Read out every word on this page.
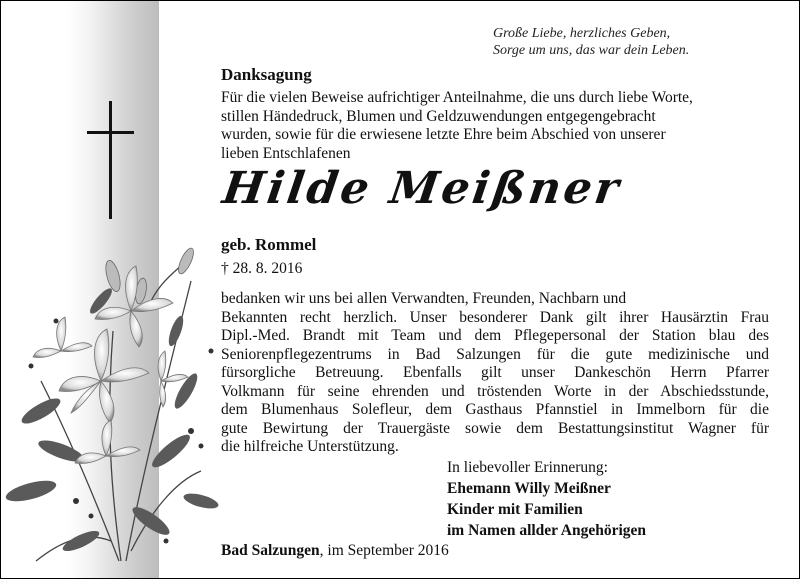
Große Liebe, herzliches Geben,
Sorge um uns, das war dein Leben.
Danksagung
Für die vielen Beweise aufrichtiger Anteilnahme, die uns durch liebe Worte,
stillen Händedruck, Blumen und Geldzuwendungen entgegengebracht
wurden, sowie für die erwiesene letzte Ehre beim Abschied von unserer
lieben Entschlafenen
Hilde Meißner
geb. Rommel
† 28. 8. 2016
bedanken wir uns bei allen Verwandten, Freunden, Nachbarn und
Bekannten recht herzlich. Unser besonderer Dank gilt ihrer Hausärztin Frau
Dipl.-Med. Brandt mit Team und dem Pflegepersonal der Station blau des
Seniorenpflegezentrums in Bad Salzungen für die gute medizinische und
fürsorgliche Betreuung. Ebenfalls gilt unser Dankeschön Herrn Pfarrer
Volkmann für seine ehrenden und tröstenden Worte in der Abschiedsstunde,
dem Blumenhaus Solefleur, dem Gasthaus Pfannstiel in Immelborn für die
gute Bewirtung der Trauergäste sowie dem Bestattungsinstitut Wagner für
die hilfreiche Unterstützung.
In liebevoller Erinnerung:
Ehemann Willy Meißner
Kinder mit Familien
im Namen allder Angehörigen
Bad Salzungen, im September 2016
